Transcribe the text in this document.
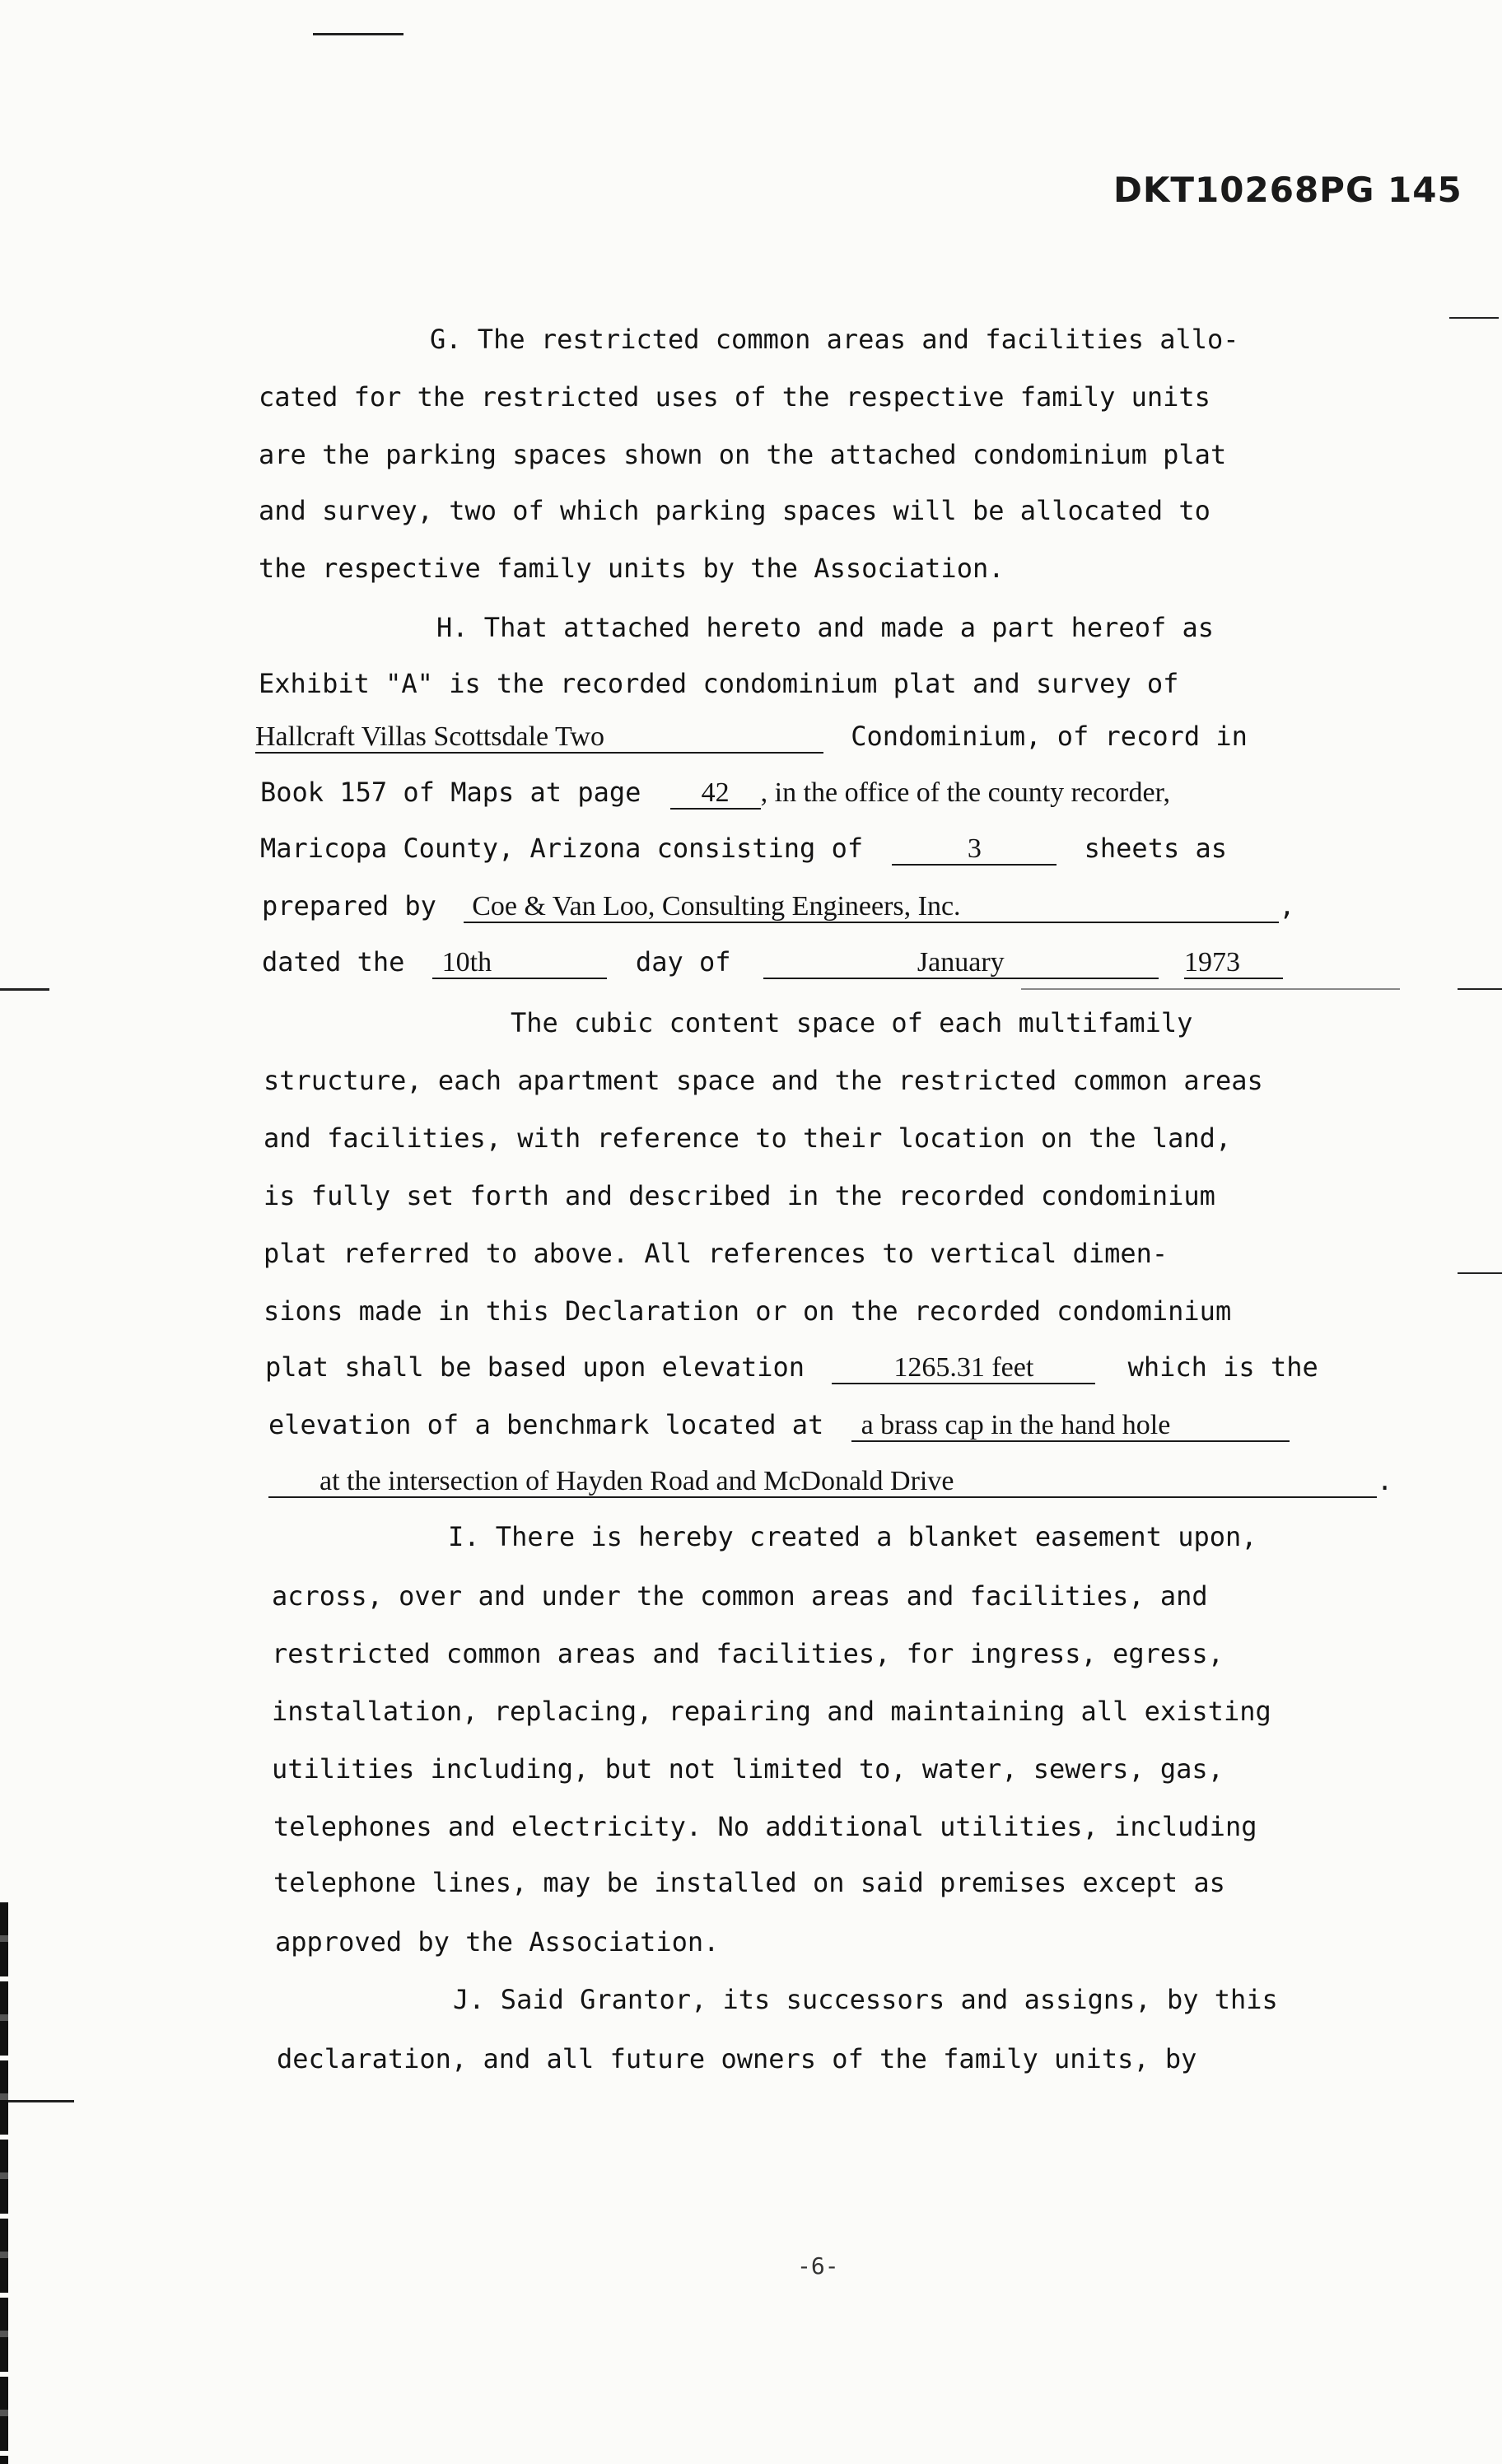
DKT10268PG 145
G. The restricted common areas and facilities allo-
cated for the restricted uses of the respective family units
are the parking spaces shown on the attached condominium plat
and survey, two of which parking spaces will be allocated to
the respective family units by the Association.
H. That attached hereto and made a part hereof as
Exhibit "A" is the recorded condominium plat and survey of
Hallcraft Villas Scottsdale Two	Condominium, of record in
Book 157 of Maps at page 42 , in the office of the county recorder,
Maricopa County, Arizona consisting of	3	sheets as
prepared by Coe & Van Loo, Consulting Engineers, Inc.	,
dated the 10th	day of	January	1973
The cubic content space of each multifamily
structure, each apartment space and the restricted common areas
and facilities, with reference to their location on the land,
is fully set forth and described in the recorded condominium
plat referred to above. All references to vertical dimen-
sions made in this Declaration or on the recorded condominium
plat shall be based upon elevation	1265.31 feet	which is the
elevation of a benchmark located at a brass cap in the hand hole
at the intersection of Hayden Road and McDonald Drive	.
I. There is hereby created a blanket easement upon,
across, over and under the common areas and facilities, and
restricted common areas and facilities, for ingress, egress,
installation, replacing, repairing and maintaining all existing
utilities including, but not limited to, water, sewers, gas,
telephones and electricity. No additional utilities, including
telephone lines, may be installed on said premises except as
approved by the Association.
J. Said Grantor, its successors and assigns, by this
declaration, and all future owners of the family units, by
-6-
